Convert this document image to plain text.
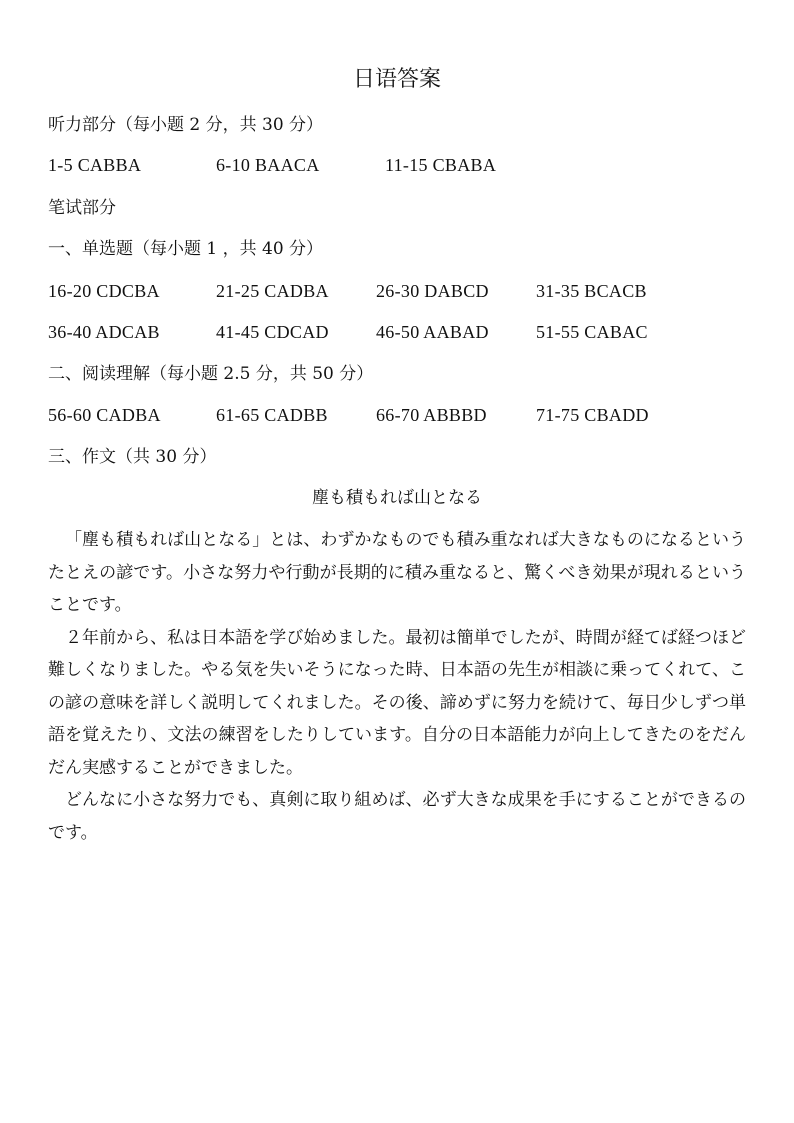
日语答案
听力部分（每小题 2 分，共 30 分）
1-5 CABBA	6-10 BAACA	11-15 CBABA
笔试部分
一、单选题（每小题 1 ，共 40 分）
16-20 CDCBA	21-25 CADBA	26-30 DABCD	31-35 BCACB
36-40 ADCAB	41-45 CDCAD	46-50 AABAD	51-55 CABAC
二、阅读理解（每小题 2.5 分，共 50 分）
56-60 CADBA	61-65 CADBB	66-70 ABBBD	71-75 CBADD
三、作文（共 30 分）
塵も積もれば山となる

「塵も積もれば山となる」とは、わずかなものでも積み重なれば大きなものになるというたとえの諺です。小さな努力や行動が長期的に積み重なると、驚くべき効果が現れるということです。

２年前から、私は日本語を学び始めました。最初は簡単でしたが、時間が経てば経つほど難しくなりました。やる気を失いそうになった時、日本語の先生が相談に乗ってくれて、この諺の意味を詳しく説明してくれました。その後、諦めずに努力を続けて、毎日少しずつ単語を覚えたり、文法の練習をしたりしています。自分の日本語能力が向上してきたのをだんだん実感することができました。

どんなに小さな努力でも、真剣に取り組めば、必ず大きな成果を手にすることができるのです。
